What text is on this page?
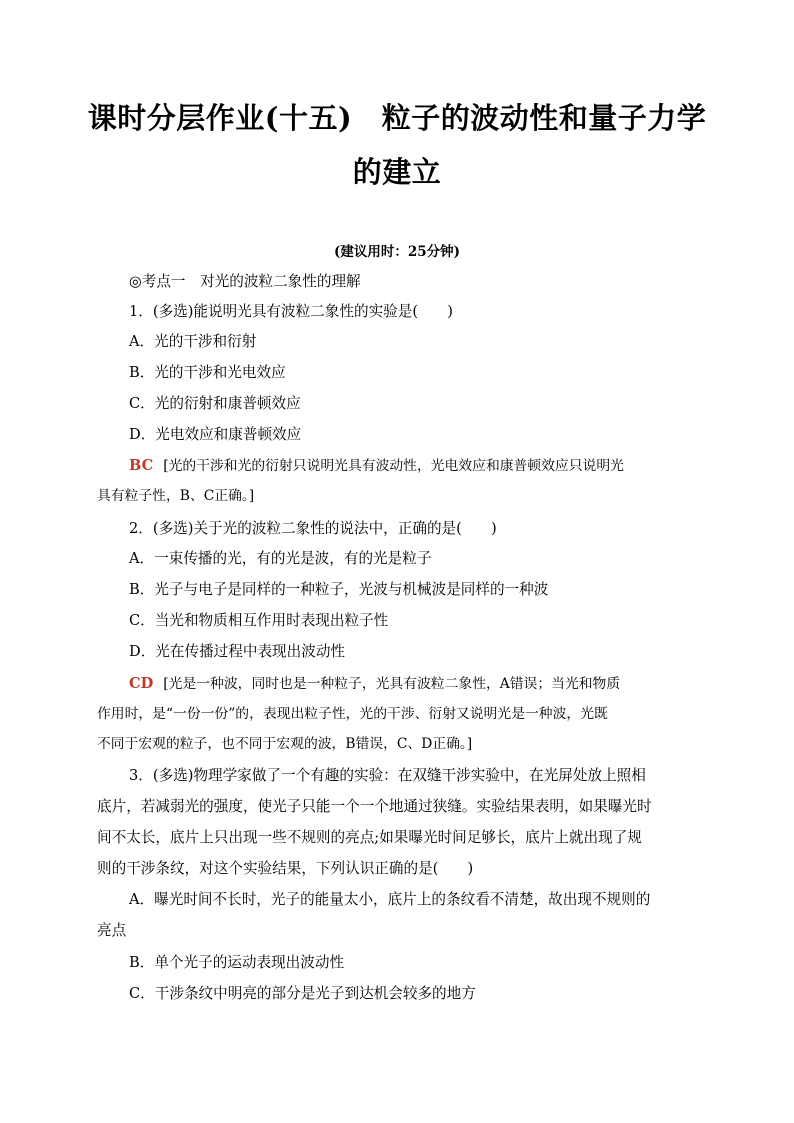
课时分层作业(十五)　粒子的波动性和量子力学
的建立
(建议用时：25分钟)
◎考点一　对光的波粒二象性的理解
1．(多选)能说明光具有波粒二象性的实验是(　　)
A．光的干涉和衍射
B．光的干涉和光电效应
C．光的衍射和康普顿效应
D．光电效应和康普顿效应
BC [光的干涉和光的衍射只说明光具有波动性，光电效应和康普顿效应只说明光
具有粒子性，B、C正确。]
2．(多选)关于光的波粒二象性的说法中，正确的是(　　)
A．一束传播的光，有的光是波，有的光是粒子
B．光子与电子是同样的一种粒子，光波与机械波是同样的一种波
C．当光和物质相互作用时表现出粒子性
D．光在传播过程中表现出波动性
CD [光是一种波，同时也是一种粒子，光具有波粒二象性，A错误；当光和物质
作用时，是“一份一份”的，表现出粒子性，光的干涉、衍射又说明光是一种波，光既
不同于宏观的粒子，也不同于宏观的波，B错误，C、D正确。]
3．(多选)物理学家做了一个有趣的实验：在双缝干涉实验中，在光屏处放上照相
底片，若减弱光的强度，使光子只能一个一个地通过狭缝。实验结果表明，如果曝光时
间不太长，底片上只出现一些不规则的亮点;如果曝光时间足够长，底片上就出现了规
则的干涉条纹，对这个实验结果，下列认识正确的是(　　)
A．曝光时间不长时，光子的能量太小，底片上的条纹看不清楚，故出现不规则的
亮点
B．单个光子的运动表现出波动性
C．干涉条纹中明亮的部分是光子到达机会较多的地方
